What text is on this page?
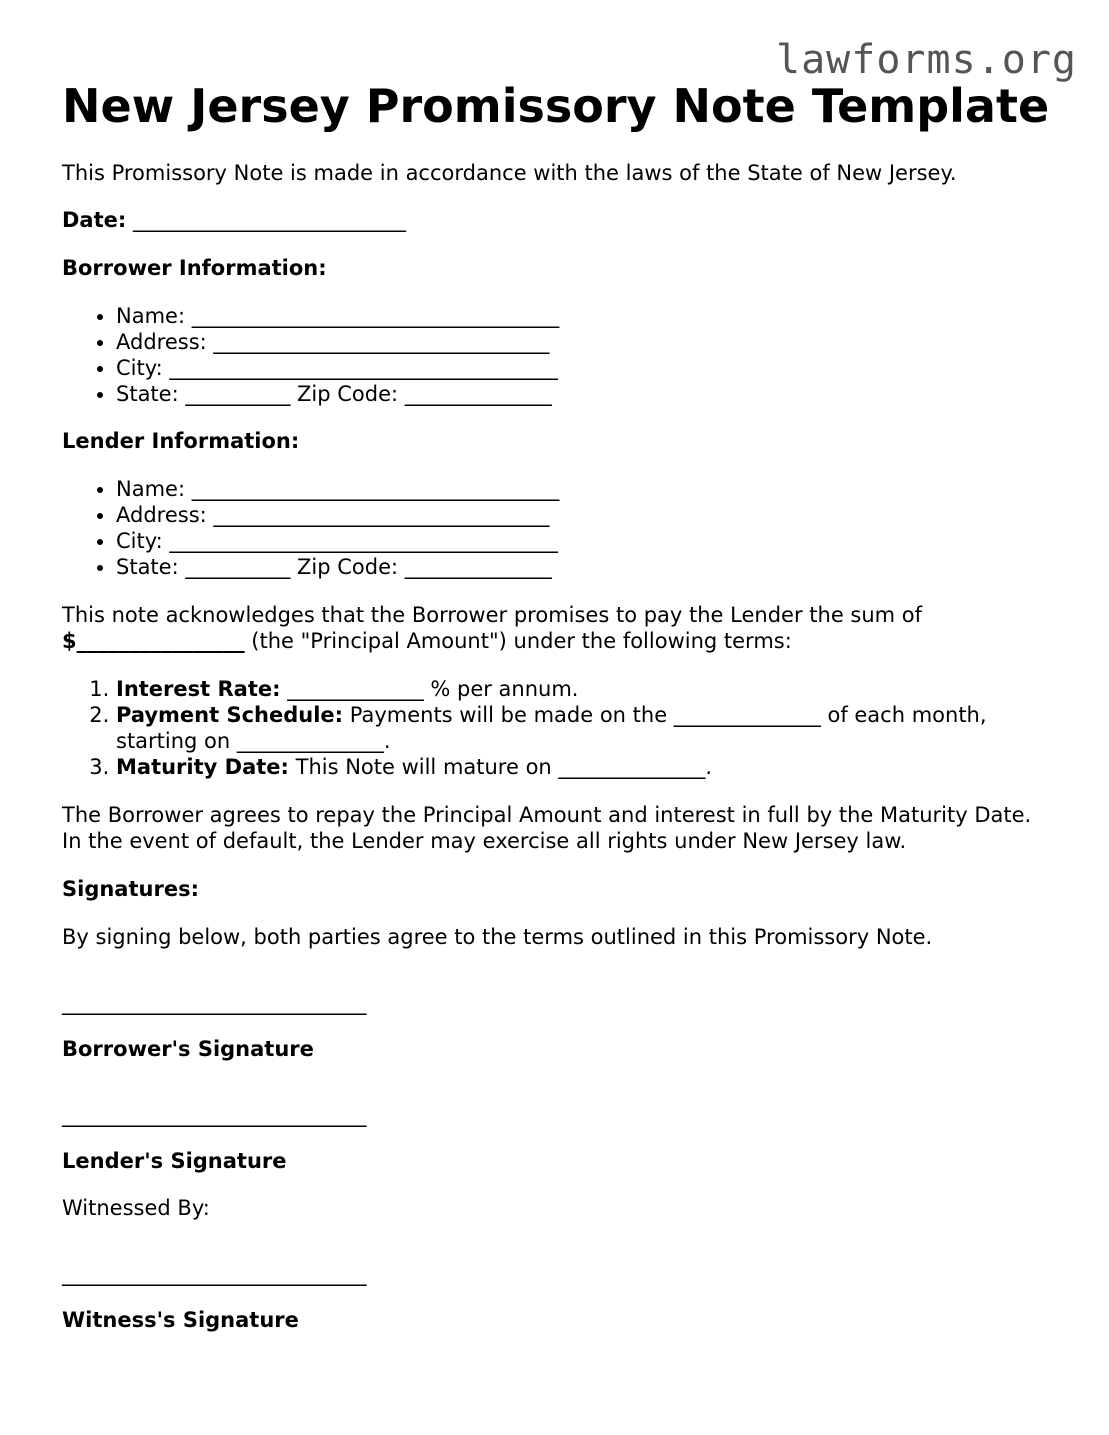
lawforms.org
New Jersey Promissory Note Template

This Promissory Note is made in accordance with the laws of the State of New Jersey.

Date: __________________________

Borrower Information:

• Name: ___________________________________
• Address: ________________________________
• City: _____________________________________
• State: __________ Zip Code: ______________

Lender Information:

• Name: ___________________________________
• Address: ________________________________
• City: _____________________________________
• State: __________ Zip Code: ______________

This note acknowledges that the Borrower promises to pay the Lender the sum of
$________________ (the "Principal Amount") under the following terms:

1. Interest Rate: _____________ % per annum.
2. Payment Schedule: Payments will be made on the ______________ of each month, starting on ______________.
3. Maturity Date: This Note will mature on ______________.

The Borrower agrees to repay the Principal Amount and interest in full by the Maturity Date. In the event of default, the Lender may exercise all rights under New Jersey law.

Signatures:

By signing below, both parties agree to the terms outlined in this Promissory Note.

_____________________________

Borrower's Signature

_____________________________

Lender's Signature

Witnessed By:

_____________________________

Witness's Signature
